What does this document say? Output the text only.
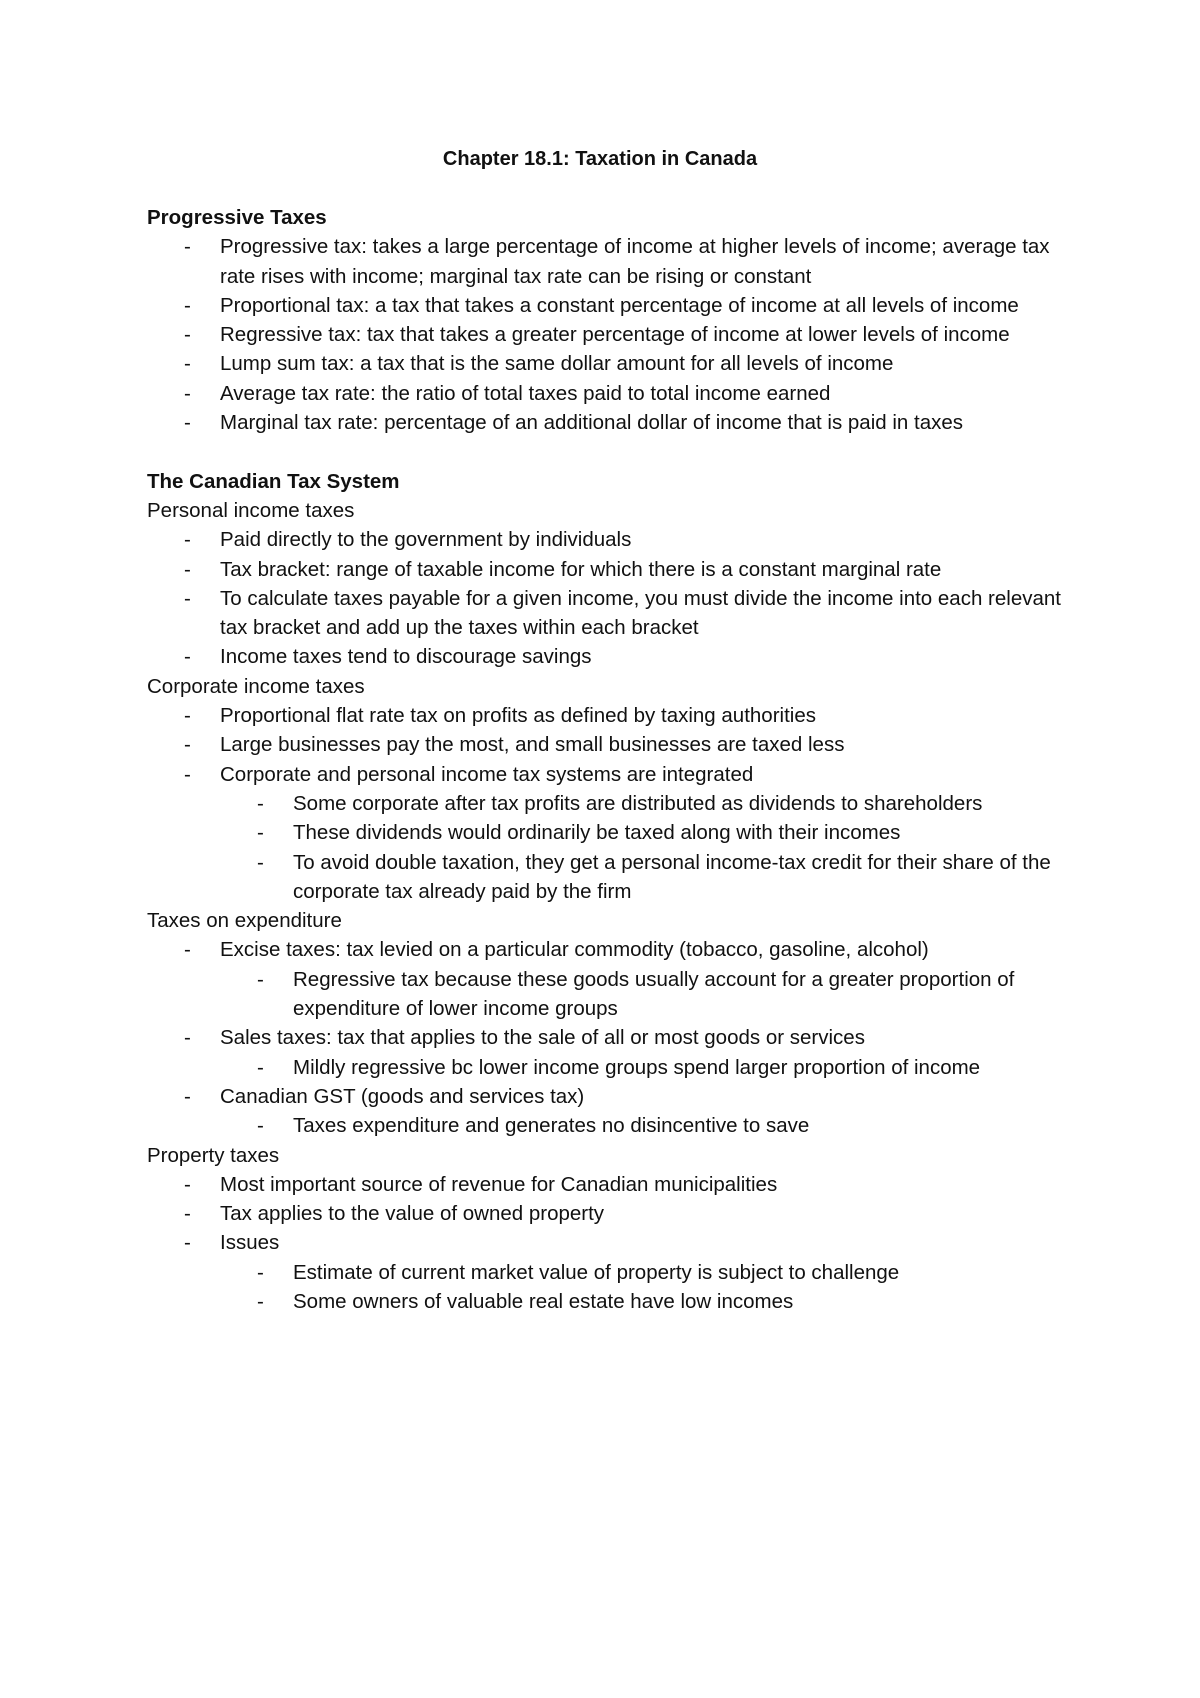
Chapter 18.1: Taxation in Canada

Progressive Taxes

- Progressive tax: takes a large percentage of income at higher levels of income; average tax rate rises with income; marginal tax rate can be rising or constant
- Proportional tax: a tax that takes a constant percentage of income at all levels of income
- Regressive tax: tax that takes a greater percentage of income at lower levels of income
- Lump sum tax: a tax that is the same dollar amount for all levels of income
- Average tax rate: the ratio of total taxes paid to total income earned
- Marginal tax rate: percentage of an additional dollar of income that is paid in taxes

The Canadian Tax System

Personal income taxes

- Paid directly to the government by individuals
- Tax bracket: range of taxable income for which there is a constant marginal rate
- To calculate taxes payable for a given income, you must divide the income into each relevant tax bracket and add up the taxes within each bracket
- Income taxes tend to discourage savings

Corporate income taxes

- Proportional flat rate tax on profits as defined by taxing authorities
- Large businesses pay the most, and small businesses are taxed less
- Corporate and personal income tax systems are integrated
- Some corporate after tax profits are distributed as dividends to shareholders
- These dividends would ordinarily be taxed along with their incomes
- To avoid double taxation, they get a personal income-tax credit for their share of the corporate tax already paid by the firm

Taxes on expenditure

- Excise taxes: tax levied on a particular commodity (tobacco, gasoline, alcohol)
- Regressive tax because these goods usually account for a greater proportion of expenditure of lower income groups
- Sales taxes: tax that applies to the sale of all or most goods or services
- Mildly regressive bc lower income groups spend larger proportion of income
- Canadian GST (goods and services tax)
- Taxes expenditure and generates no disincentive to save

Property taxes

- Most important source of revenue for Canadian municipalities
- Tax applies to the value of owned property
- Issues
- Estimate of current market value of property is subject to challenge
- Some owners of valuable real estate have low incomes
